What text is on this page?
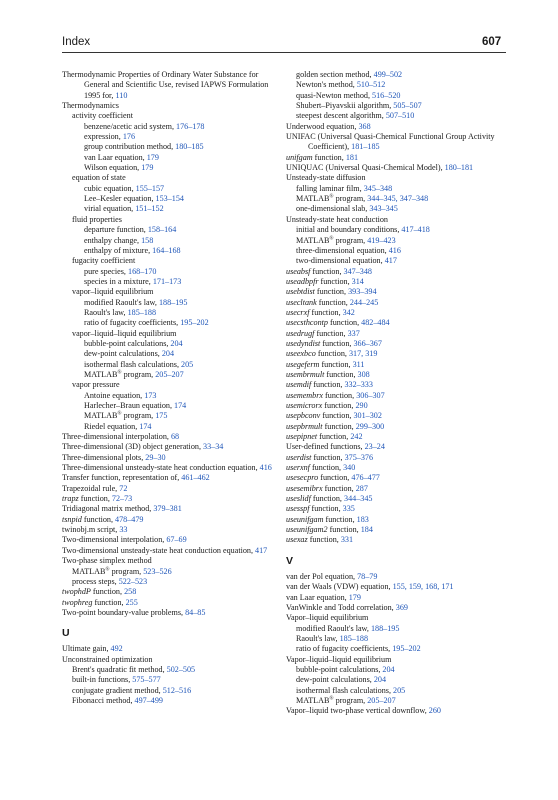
Index	607
Thermodynamic Properties of Ordinary Water Substance for General and Scientific Use, revised IAPWS Formulation 1995 for, 110
Thermodynamics
activity coefficient
benzene/acetic acid system, 176–178
expression, 176
group contribution method, 180–185
van Laar equation, 179
Wilson equation, 179
equation of state
cubic equation, 155–157
Lee–Kesler equation, 153–154
virial equation, 151–152
fluid properties
departure function, 158–164
enthalpy change, 158
enthalpy of mixture, 164–168
fugacity coefficient
pure species, 168–170
species in a mixture, 171–173
vapor–liquid equilibrium
modified Raoult's law, 188–195
Raoult's law, 185–188
ratio of fugacity coefficients, 195–202
vapor–liquid–liquid equilibrium
bubble-point calculations, 204
dew-point calculations, 204
isothermal flash calculations, 205
MATLAB® program, 205–207
vapor pressure
Antoine equation, 173
Harlecher–Braun equation, 174
MATLAB® program, 175
Riedel equation, 174
Three-dimensional interpolation, 68
Three-dimensional (3D) object generation, 33–34
Three-dimensional plots, 29–30
Three-dimensional unsteady-state heat conduction equation, 416
Transfer function, representation of, 461–462
Trapezoidal rule, 72
trapz function, 72–73
Tridiagonal matrix method, 379–381
tsnpid function, 478–479
twinobj.m script, 33
Two-dimensional interpolation, 67–69
Two-dimensional unsteady-state heat conduction equation, 417
Two-phase simplex method
MATLAB® program, 523–526
process steps, 522–523
twophdP function, 258
twophreg function, 255
Two-point boundary-value problems, 84–85
U
Ultimate gain, 492
Unconstrained optimization
Brent's quadratic fit method, 502–505
built-in functions, 575–577
conjugate gradient method, 512–516
Fibonacci method, 497–499
golden section method, 499–502
Newton's method, 510–512
quasi-Newton method, 516–520
Shubert–Piyavskii algorithm, 505–507
steepest descent algorithm, 507–510
Underwood equation, 368
UNIFAC (Universal Quasi-Chemical Functional Group Activity Coefficient), 181–185
unifgam function, 181
UNIQUAC (Universal Quasi-Chemical Model), 180–181
Unsteady-state diffusion
falling laminar film, 345–348
MATLAB® program, 344–345, 347–348
one-dimensional slab, 343–345
Unsteady-state heat conduction
initial and boundary conditions, 417–418
MATLAB® program, 419–423
three-dimensional equation, 416
two-dimensional equation, 417
useabsf function, 347–348
useadbpfr function, 314
usebtdist function, 393–394
usecltank function, 244–245
usecrxf function, 342
usecsthcontp function, 482–484
usedrugf function, 337
usedyndist function, 366–367
useexbco function, 317, 319
usegeferm function, 311
usembrmult function, 308
usemdif function, 332–333
usemembrx function, 306–307
usemicrorx function, 290
usepbconv function, 301–302
usepbrmult function, 299–300
usepipnet function, 242
User-defined functions, 23–24
userdist function, 375–376
userxnf function, 340
usesecpro function, 476–477
usesemibrx function, 287
useslidf function, 344–345
usesspf function, 335
useunifgam function, 183
useunifgam2 function, 184
usexaz function, 331
V
van der Pol equation, 78–79
van der Waals (VDW) equation, 155, 159, 168, 171
van Laar equation, 179
VanWinkle and Todd correlation, 369
Vapor–liquid equilibrium
modified Raoult's law, 188–195
Raoult's law, 185–188
ratio of fugacity coefficients, 195–202
Vapor–liquid–liquid equilibrium
bubble-point calculations, 204
dew-point calculations, 204
isothermal flash calculations, 205
MATLAB® program, 205–207
Vapor–liquid two-phase vertical downflow, 260
